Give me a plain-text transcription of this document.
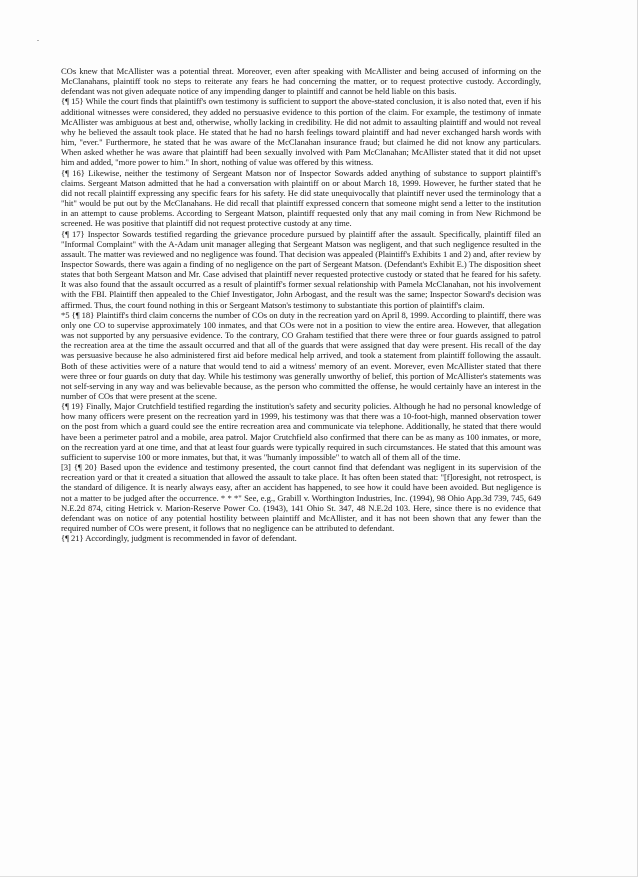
COs knew that McAllister was a potential threat. Moreover, even after speaking with McAllister and being accused of informing on the McClanahans, plaintiff took no steps to reiterate any fears he had concerning the matter, or to request protective custody. Accordingly, defendant was not given adequate notice of any impending danger to plaintiff and cannot be held liable on this basis.

{¶ 15} While the court finds that plaintiff's own testimony is sufficient to support the above-stated conclusion, it is also noted that, even if his additional witnesses were considered, they added no persuasive evidence to this portion of the claim. For example, the testimony of inmate McAllister was ambiguous at best and, otherwise, wholly lacking in credibility. He did not admit to assaulting plaintiff and would not reveal why he believed the assault took place. He stated that he had no harsh feelings toward plaintiff and had never exchanged harsh words with him, "ever." Furthermore, he stated that he was aware of the McClanahan insurance fraud; but claimed he did not know any particulars. When asked whether he was aware that plaintiff had been sexually involved with Pam McClanahan; McAllister stated that it did not upset him and added, "more power to him." In short, nothing of value was offered by this witness.

{¶ 16} Likewise, neither the testimony of Sergeant Matson nor of Inspector Sowards added anything of substance to support plaintiff's claims. Sergeant Matson admitted that he had a conversation with plaintiff on or about March 18, 1999. However, he further stated that he did not recall plaintiff expressing any specific fears for his safety. He did state unequivocally that plaintiff never used the terminology that a "hit" would be put out by the McClanahans. He did recall that plaintiff expressed concern that someone might send a letter to the institution in an attempt to cause problems. According to Sergeant Matson, plaintiff requested only that any mail coming in from New Richmond be screened. He was positive that plaintiff did not request protective custody at any time.

{¶ 17} Inspector Sowards testified regarding the grievance procedure pursued by plaintiff after the assault. Specifically, plaintiff filed an "Informal Complaint" with the A-Adam unit manager alleging that Sergeant Matson was negligent, and that such negligence resulted in the assault. The matter was reviewed and no negligence was found. That decision was appealed (Plaintiff's Exhibits 1 and 2) and, after review by Inspector Sowards, there was again a finding of no negligence on the part of Sergeant Matson. (Defendant's Exhibit E.) The disposition sheet states that both Sergeant Matson and Mr. Case advised that plaintiff never requested protective custody or stated that he feared for his safety. It was also found that the assault occurred as a result of plaintiff's former sexual relationship with Pamela McClanahan, not his involvement with the FBI. Plaintiff then appealed to the Chief Investigator, John Arbogast, and the result was the same; Inspector Soward's decision was affirmed. Thus, the court found nothing in this or Sergeant Matson's testimony to substantiate this portion of plaintiff's claim.

*5 {¶ 18} Plaintiff's third claim concerns the number of COs on duty in the recreation yard on April 8, 1999. According to plaintiff, there was only one CO to supervise approximately 100 inmates, and that COs were not in a position to view the entire area. However, that allegation was not supported by any persuasive evidence. To the contrary, CO Graham testified that there were three or four guards assigned to patrol the recreation area at the time the assault occurred and that all of the guards that were assigned that day were present. His recall of the day was persuasive because he also administered first aid before medical help arrived, and took a statement from plaintiff following the assault. Both of these activities were of a nature that would tend to aid a witness' memory of an event. Morever, even McAllister stated that there were three or four guards on duty that day. While his testimony was generally unworthy of belief, this portion of McAllister's statements was not self-serving in any way and was believable because, as the person who committed the offense, he would certainly have an interest in the number of COs that were present at the scene.

{¶ 19} Finally, Major Crutchfield testified regarding the institution's safety and security policies. Although he had no personal knowledge of how many officers were present on the recreation yard in 1999, his testimony was that there was a 10-foot-high, manned observation tower on the post from which a guard could see the entire recreation area and communicate via telephone. Additionally, he stated that there would have been a perimeter patrol and a mobile, area patrol. Major Crutchfield also confirmed that there can be as many as 100 inmates, or more, on the recreation yard at one time, and that at least four guards were typically required in such circumstances. He stated that this amount was sufficient to supervise 100 or more inmates, but that, it was "humanly impossible" to watch all of them all of the time.

[3] {¶ 20} Based upon the evidence and testimony presented, the court cannot find that defendant was negligent in its supervision of the recreation yard or that it created a situation that allowed the assault to take place. It has often been stated that: "[f]oresight, not retrospect, is the standard of diligence. It is nearly always easy, after an accident has happened, to see how it could have been avoided. But negligence is not a matter to be judged after the occurrence. * * *" See, e.g., Grabill v. Worthington Industries, Inc. (1994), 98 Ohio App.3d 739, 745, 649 N.E.2d 874, citing Hetrick v. Marion-Reserve Power Co. (1943), 141 Ohio St. 347, 48 N.E.2d 103. Here, since there is no evidence that defendant was on notice of any potential hostility between plaintiff and McAllister, and it has not been shown that any fewer than the required number of COs were present, it follows that no negligence can be attributed to defendant.

{¶ 21} Accordingly, judgment is recommended in favor of defendant.
